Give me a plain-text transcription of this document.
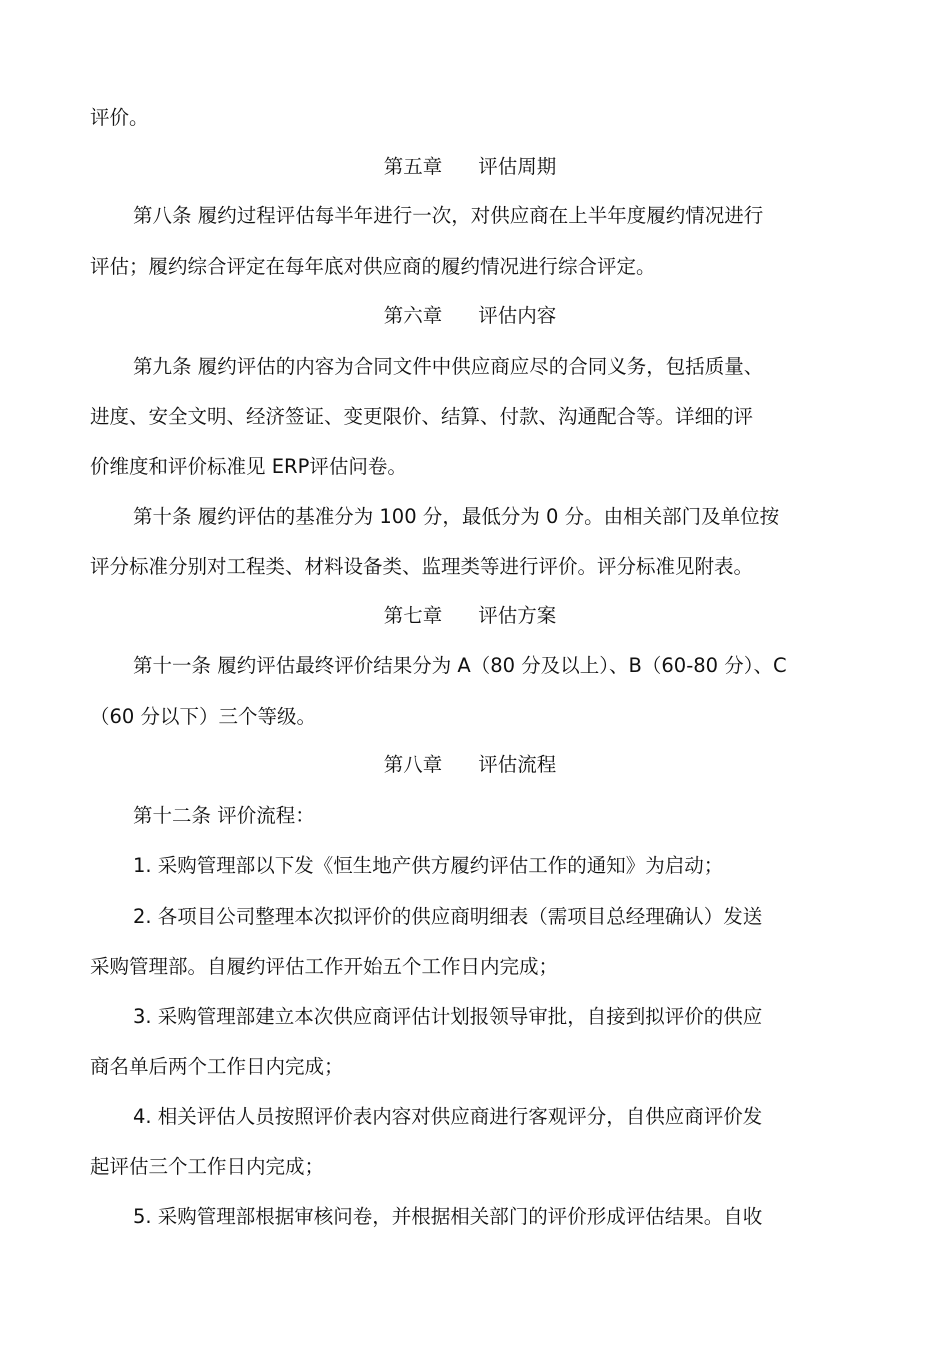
评价。
第五章 评估周期
第八条 履约过程评估每半年进行一次，对供应商在上半年度履约情况进行
评估；履约综合评定在每年底对供应商的履约情况进行综合评定。
第六章 评估内容
第九条 履约评估的内容为合同文件中供应商应尽的合同义务，包括质量、
进度、安全文明、经济签证、变更限价、结算、付款、沟通配合等。详细的评
价维度和评价标准见 ERP评估问卷。
第十条 履约评估的基准分为 100 分，最低分为 0 分。由相关部门及单位按
评分标准分别对工程类、材料设备类、监理类等进行评价。评分标准见附表。
第七章 评估方案
第十一条 履约评估最终评价结果分为 A（80 分及以上）、B（60-80 分）、C
（60 分以下）三个等级。
第八章 评估流程
第十二条 评价流程：
1. 采购管理部以下发《恒生地产供方履约评估工作的通知》为启动；
2. 各项目公司整理本次拟评价的供应商明细表（需项目总经理确认）发送
采购管理部。自履约评估工作开始五个工作日内完成；
3. 采购管理部建立本次供应商评估计划报领导审批，自接到拟评价的供应
商名单后两个工作日内完成；
4. 相关评估人员按照评价表内容对供应商进行客观评分，自供应商评价发
起评估三个工作日内完成；
5. 采购管理部根据审核问卷，并根据相关部门的评价形成评估结果。自收
